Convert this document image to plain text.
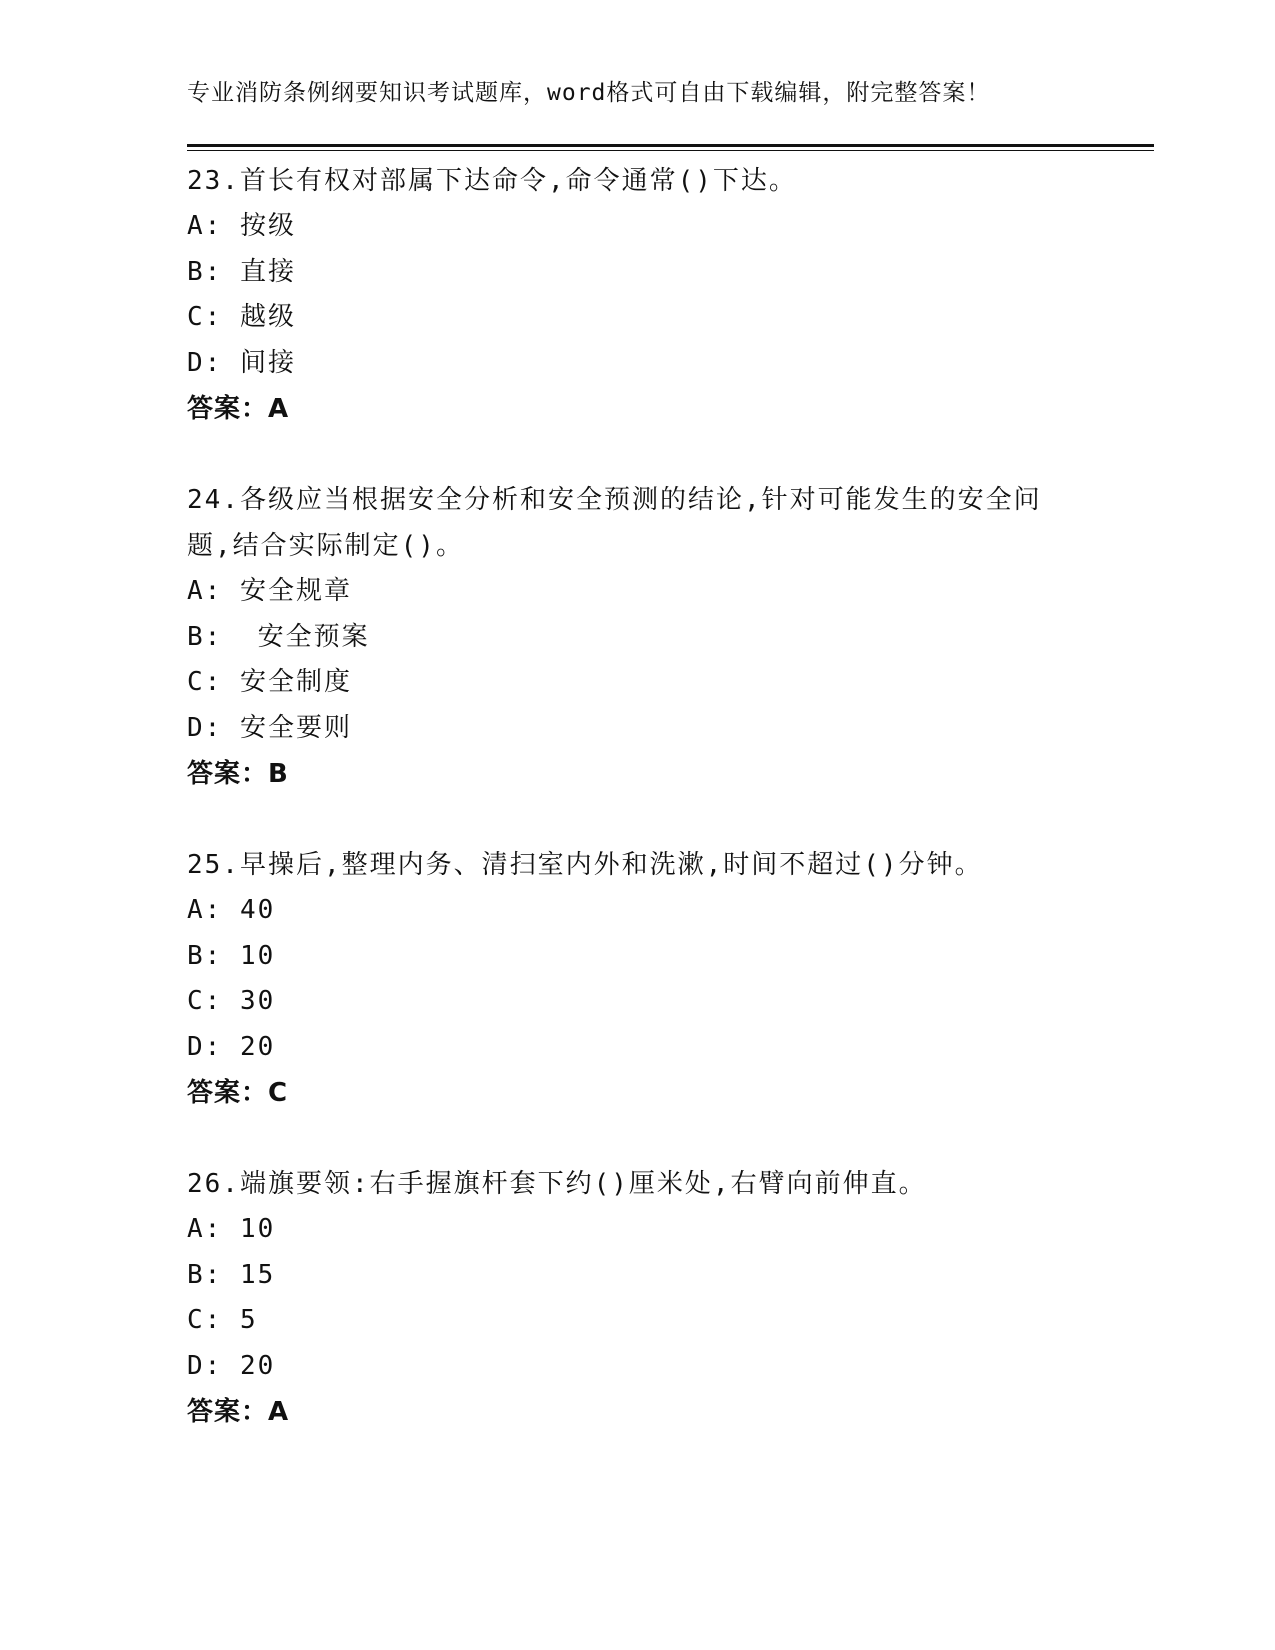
专业消防条例纲要知识考试题库，word格式可自由下载编辑，附完整答案！
23.首长有权对部属下达命令,命令通常()下达。
A: 按级
B: 直接
C: 越级
D: 间接
答案：A
24.各级应当根据安全分析和安全预测的结论,针对可能发生的安全问题,结合实际制定()。
A: 安全规章
B:  安全预案
C: 安全制度
D: 安全要则
答案：B
25.早操后,整理内务、清扫室内外和洗漱,时间不超过()分钟。
A: 40
B: 10
C: 30
D: 20
答案：C
26.端旗要领:右手握旗杆套下约()厘米处,右臂向前伸直。
A: 10
B: 15
C: 5
D: 20
答案：A
